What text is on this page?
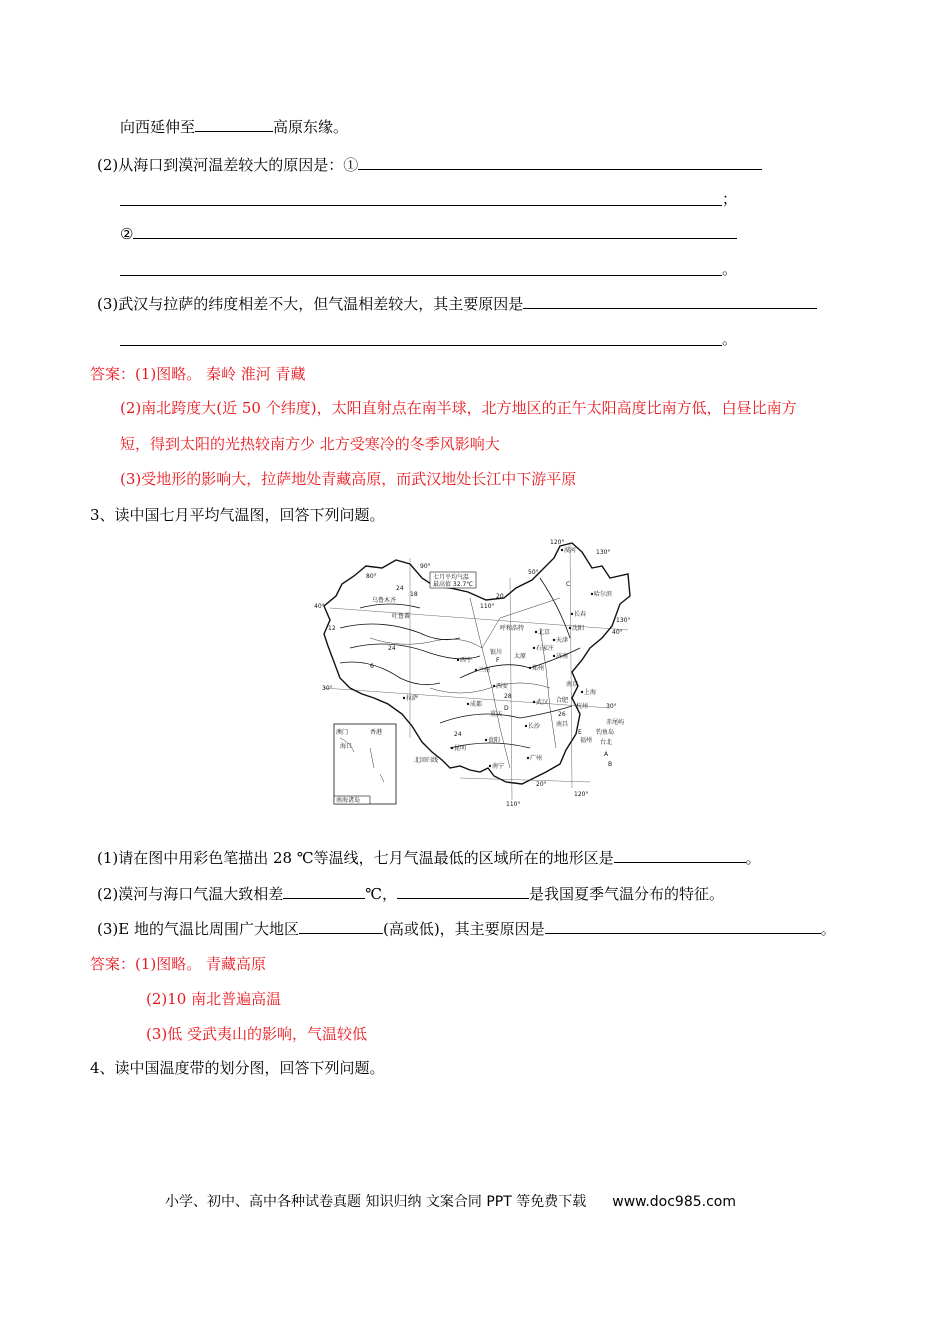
向西延伸至	高原东缘。
(2)从海口到漠河温差较大的原因是：①
；
②
。
(3)武汉与拉萨的纬度相差不大，但气温相差较大，其主要原因是
。
答案：(1)图略。 秦岭 淮河 青藏
(2)南北跨度大(近 50 个纬度)，太阳直射点在南半球，北方地区的正午太阳高度比南方低，白昼比南方
短，得到太阳的光热较南方少 北方受寒冷的冬季风影响大
(3)受地形的影响大，拉萨地处青藏高原，而武汉地处长江中下游平原
3、读中国七月平均气温图，回答下列问题。
七月平均气温
最高值 32.7℃
澳门	香港
海口
南海诸岛
120°
130°
90°
80°
40°
50°
110°
30°
20°
130°
40°
30°
110°
120°
漠河
哈尔滨
长春
沈阳
北京
天津
石家庄
济南
郑州
西安
武汉
上海
南京
合肥
杭州
南昌
福州
长沙
贵阳
昆明
南宁
广州
台北
重庆
成都
拉萨
西宁
兰州
银川
呼和浩特
太原
乌鲁木齐
吐鲁番
北回归线
赤尾屿
钓鱼岛
A
B
C
D
E
F
24
18
12
6
24
20
28
26
24
(1)请在图中用彩色笔描出 28 ℃等温线，七月气温最低的区域所在的地形区是	。
(2)漠河与海口气温大致相差	℃，	是我国夏季气温分布的特征。
(3)E 地的气温比周围广大地区	(高或低)，其主要原因是	。
答案：(1)图略。 青藏高原
(2)10 南北普遍高温
(3)低 受武夷山的影响，气温较低
4、读中国温度带的划分图，回答下列问题。
小学、初中、高中各种试卷真题 知识归纳 文案合同 PPT 等免费下载 www.doc985.com
